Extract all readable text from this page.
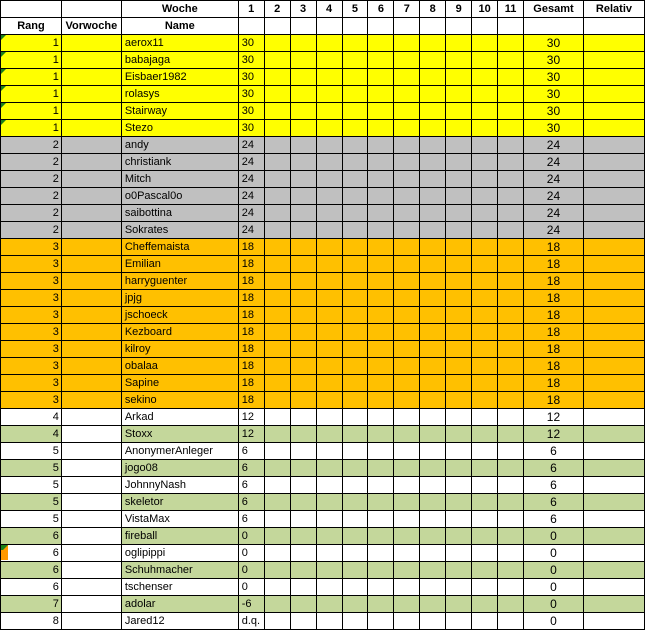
		Woche	1	2	3	4	5	6	7	8	9	10	11	Gesamt	Relativ
Rang	Vorwoche	Name													
1		aerox11	30											30	
1		babajaga	30											30	
1		Eisbaer1982	30											30	
1		rolasys	30											30	
1		Stairway	30											30	
1		Stezo	30											30	
2		andy	24											24	
2		christiank	24											24	
2		Mitch	24											24	
2		o0Pascal0o	24											24	
2		saibottina	24											24	
2		Sokrates	24											24	
3		Cheffemaista	18											18	
3		Emilian	18											18	
3		harryguenter	18											18	
3		jpjg	18											18	
3		jschoeck	18											18	
3		Kezboard	18											18	
3		kilroy	18											18	
3		obalaa	18											18	
3		Sapine	18											18	
3		sekino	18											18	
4		Arkad	12											12	
4		Stoxx	12											12	
5		AnonymerAnleger	6											6	
5		jogo08	6											6	
5		JohnnyNash	6											6	
5		skeletor	6											6	
5		VistaMax	6											6	
6		fireball	0											0	
6		oglipippi	0											0	
6		Schuhmacher	0											0	
6		tschenser	0											0	
7		adolar	-6											0	
8		Jared12	d.q.											0	
